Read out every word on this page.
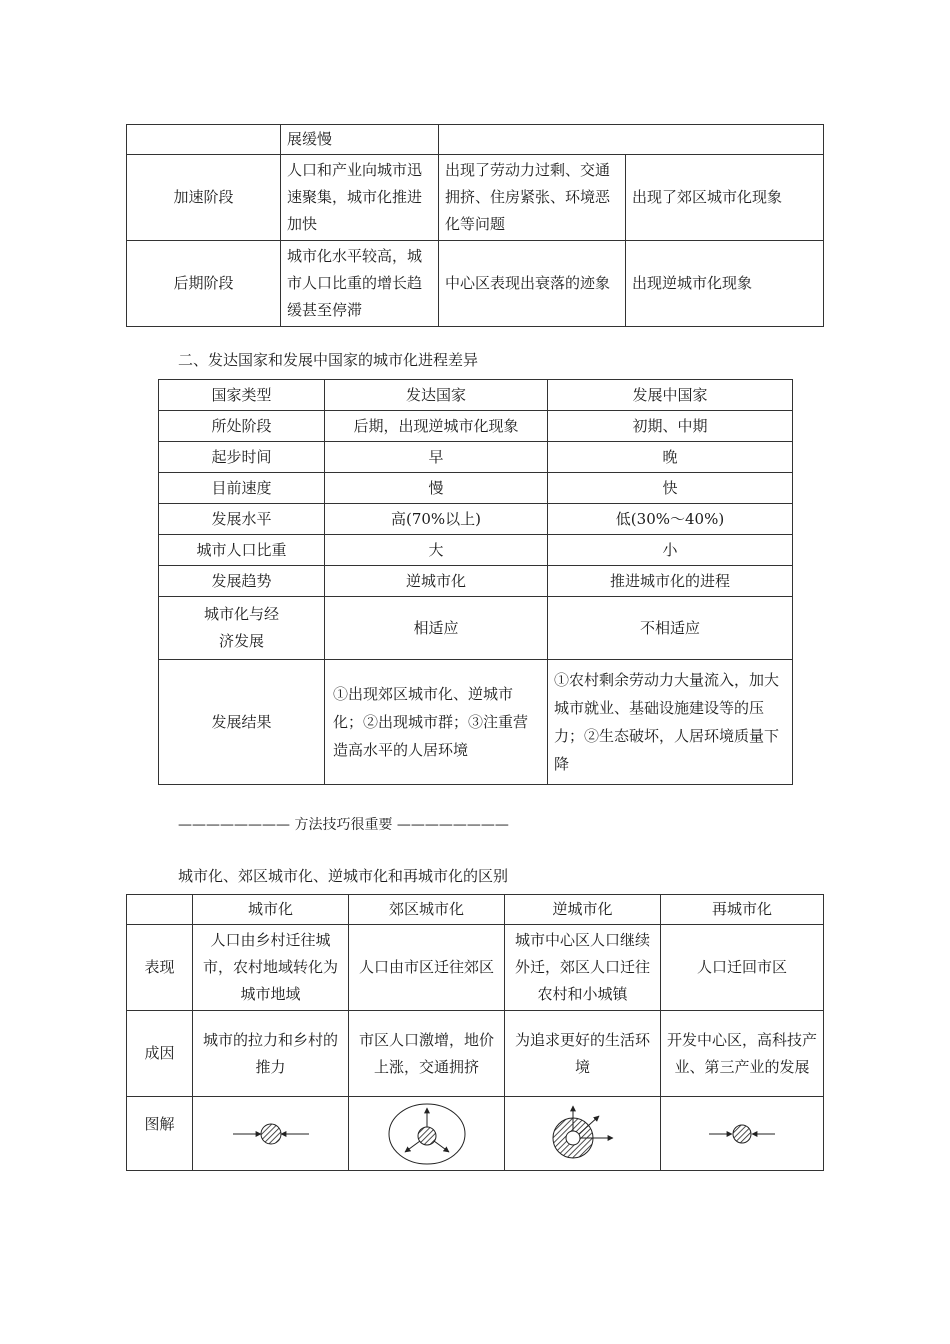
	展缓慢		
加速阶段	人口和产业向城市迅速聚集，城市化推进加快	出现了劳动力过剩、交通拥挤、住房紧张、环境恶化等问题	出现了郊区城市化现象
后期阶段	城市化水平较高，城市人口比重的增长趋缓甚至停滞	中心区表现出衰落的迹象	出现逆城市化现象
二、发达国家和发展中国家的城市化进程差异
国家类型	发达国家	发展中国家
所处阶段	后期，出现逆城市化现象	初期、中期
起步时间	早	晚
目前速度	慢	快
发展水平	高(70%以上)	低(30%～40%)
城市人口比重	大	小
发展趋势	逆城市化	推进城市化的进程
城市化与经济发展	相适应	不相适应
发展结果	①出现郊区城市化、逆城市化；②出现城市群；③注重营造高水平的人居环境	①农村剩余劳动力大量流入，加大城市就业、基础设施建设等的压力；②生态破坏，人居环境质量下降
———————— 方法技巧很重要 ————————
城市化、郊区城市化、逆城市化和再城市化的区别
	城市化	郊区城市化	逆城市化	再城市化
表现	人口由乡村迁往城市，农村地域转化为城市地域	人口由市区迁往郊区	城市中心区人口继续外迁，郊区人口迁往农村和小城镇	人口迁回市区
成因	城市的拉力和乡村的推力	市区人口激增，地价上涨，交通拥挤	为追求更好的生活环境	开发中心区，高科技产业、第三产业的发展
图解	
